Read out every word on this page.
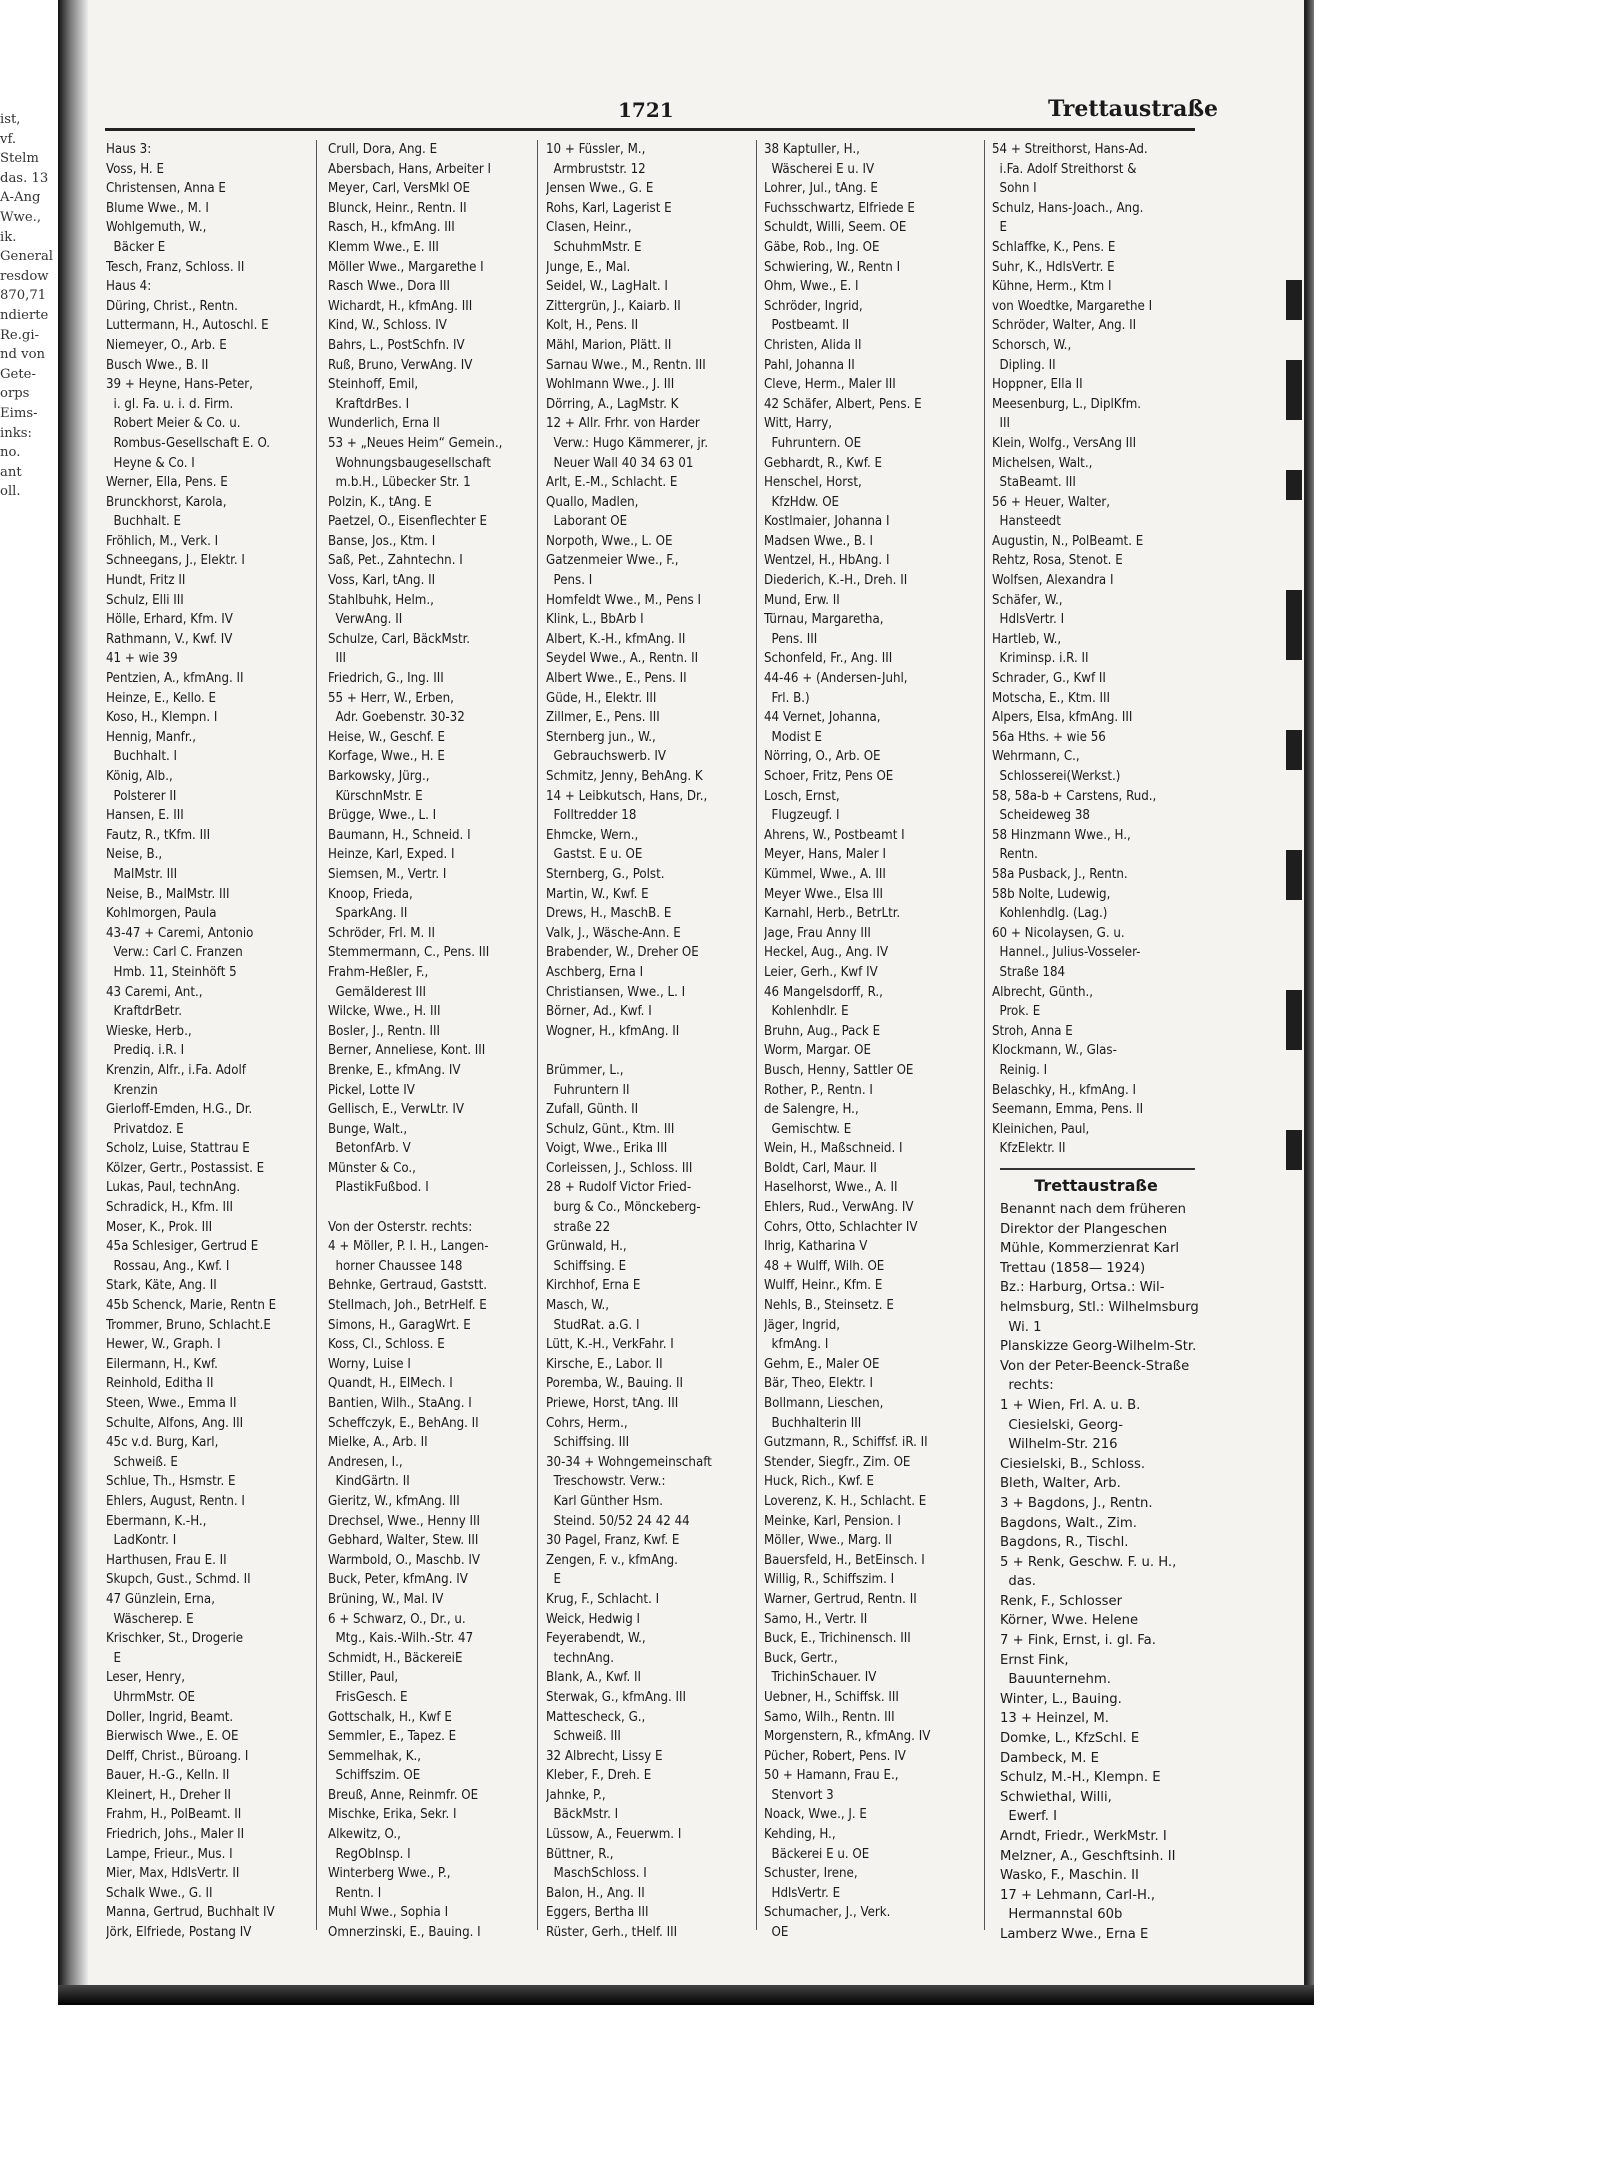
ist,
vf.
Stelm
das. 13
A-Ang
Wwe.,
ik.
General
resdow
870,71
ndierte
Re.gi-
nd von
Gete-
orps
Eims-
inks:
no.
ant
oll.
1721	Trettaustraße
Haus 3:
Voss, H. E
Christensen, Anna E
Blume Wwe., M. I
Wohlgemuth, W.,
Bäcker E
Tesch, Franz, Schloss. II
Haus 4:
Düring, Christ., Rentn.
Luttermann, H., Autoschl. E
Niemeyer, O., Arb. E
Busch Wwe., B. II
39 + Heyne, Hans-Peter,
i. gl. Fa. u. i. d. Firm.
Robert Meier & Co. u.
Rombus-Gesellschaft E. O.
Heyne & Co. I
Werner, Ella, Pens. E
Brunckhorst, Karola,
Buchhalt. E
Fröhlich, M., Verk. I
Schneegans, J., Elektr. I
Hundt, Fritz II
Schulz, Elli III
Hölle, Erhard, Kfm. IV
Rathmann, V., Kwf. IV
41 + wie 39
Pentzien, A., kfmAng. II
Heinze, E., Kello. E
Koso, H., Klempn. I
Hennig, Manfr.,
Buchhalt. I
König, Alb.,
Polsterer II
Hansen, E. III
Fautz, R., tKfm. III
Neise, B.,
MalMstr. III
Neise, B., MalMstr. III
Kohlmorgen, Paula
43-47 + Caremi, Antonio
Verw.: Carl C. Franzen
Hmb. 11, Steinhöft 5
43 Caremi, Ant.,
KraftdrBetr.
Wieske, Herb.,
Prediq. i.R. I
Krenzin, Alfr., i.Fa. Adolf
Krenzin
Gierloff-Emden, H.G., Dr.
Privatdoz. E
Scholz, Luise, Stattrau E
Kölzer, Gertr., Postassist. E
Lukas, Paul, technAng.
Schradick, H., Kfm. III
Moser, K., Prok. III
45a Schlesiger, Gertrud E
Rossau, Ang., Kwf. I
Stark, Käte, Ang. II
45b Schenck, Marie, Rentn E
Trommer, Bruno, Schlacht.E
Hewer, W., Graph. I
Eilermann, H., Kwf.
Reinhold, Editha II
Steen, Wwe., Emma II
Schulte, Alfons, Ang. III
45c v.d. Burg, Karl,
Schweiß. E
Schlue, Th., Hsmstr. E
Ehlers, August, Rentn. I
Ebermann, K.-H.,
LadKontr. I
Harthusen, Frau E. II
Skupch, Gust., Schmd. II
47 Günzlein, Erna,
Wäscherep. E
Krischker, St., Drogerie
E
Leser, Henry,
UhrmMstr. OE
Doller, Ingrid, Beamt.
Bierwisch Wwe., E. OE
Delff, Christ., Büroang. I
Bauer, H.-G., Kelln. II
Kleinert, H., Dreher II
Frahm, H., PolBeamt. II
Friedrich, Johs., Maler II
Lampe, Frieur., Mus. I
Mier, Max, HdlsVertr. II
Schalk Wwe., G. II
Manna, Gertrud, Buchhalt IV
Jörk, Elfriede, Postang IV
Crull, Dora, Ang. E
Abersbach, Hans, Arbeiter I
Meyer, Carl, VersMkl OE
Blunck, Heinr., Rentn. II
Rasch, H., kfmAng. III
Klemm Wwe., E. III
Möller Wwe., Margarethe I
Rasch Wwe., Dora III
Wichardt, H., kfmAng. III
Kind, W., Schloss. IV
Bahrs, L., PostSchfn. IV
Ruß, Bruno, VerwAng. IV
Steinhoff, Emil,
KraftdrBes. I
Wunderlich, Erna II
53 + „Neues Heim“ Gemein.,
Wohnungsbaugesellschaft
m.b.H., Lübecker Str. 1
Polzin, K., tAng. E
Paetzel, O., Eisenflechter E
Banse, Jos., Ktm. I
Saß, Pet., Zahntechn. I
Voss, Karl, tAng. II
Stahlbuhk, Helm.,
VerwAng. II
Schulze, Carl, BäckMstr.
III
Friedrich, G., Ing. III
55 + Herr, W., Erben,
Adr. Goebenstr. 30-32
Heise, W., Geschf. E
Korfage, Wwe., H. E
Barkowsky, Jürg.,
KürschnMstr. E
Brügge, Wwe., L. I
Baumann, H., Schneid. I
Heinze, Karl, Exped. I
Siemsen, M., Vertr. I
Knoop, Frieda,
SparkAng. II
Schröder, Frl. M. II
Stemmermann, C., Pens. III
Frahm-Heßler, F.,
Gemälderest III
Wilcke, Wwe., H. III
Bosler, J., Rentn. III
Berner, Anneliese, Kont. III
Brenke, E., kfmAng. IV
Pickel, Lotte IV
Gellisch, E., VerwLtr. IV
Bunge, Walt.,
BetonfArb. V
Münster & Co.,
PlastikFußbod. I
Von der Osterstr. rechts:
4 + Möller, P. I. H., Langen-
horner Chaussee 148
Behnke, Gertraud, Gaststt.
Stellmach, Joh., BetrHelf. E
Simons, H., GaragWrt. E
Koss, Cl., Schloss. E
Worny, Luise I
Quandt, H., ElMech. I
Bantien, Wilh., StaAng. I
Scheffczyk, E., BehAng. II
Mielke, A., Arb. II
Andresen, I.,
KindGärtn. II
Gieritz, W., kfmAng. III
Drechsel, Wwe., Henny III
Gebhard, Walter, Stew. III
Warmbold, O., Maschb. IV
Buck, Peter, kfmAng. IV
Brüning, W., Mal. IV
6 + Schwarz, O., Dr., u.
Mtg., Kais.-Wilh.-Str. 47
Schmidt, H., BäckereiE
Stiller, Paul,
FrisGesch. E
Gottschalk, H., Kwf E
Semmler, E., Tapez. E
Semmelhak, K.,
Schiffszim. OE
Breuß, Anne, Reinmfr. OE
Mischke, Erika, Sekr. I
Alkewitz, O.,
RegObInsp. I
Winterberg Wwe., P.,
Rentn. I
Muhl Wwe., Sophia I
Omnerzinski, E., Bauing. I
10 + Füssler, M.,
Armbruststr. 12
Jensen Wwe., G. E
Rohs, Karl, Lagerist E
Clasen, Heinr.,
SchuhmMstr. E
Junge, E., Mal.
Seidel, W., LagHalt. I
Zittergrün, J., Kaiarb. II
Kolt, H., Pens. II
Mähl, Marion, Plätt. II
Sarnau Wwe., M., Rentn. III
Wohlmann Wwe., J. III
Dörring, A., LagMstr. K
12 + Allr. Frhr. von Harder
Verw.: Hugo Kämmerer, jr.
Neuer Wall 40 34 63 01
Arlt, E.-M., Schlacht. E
Quallo, Madlen,
Laborant OE
Norpoth, Wwe., L. OE
Gatzenmeier Wwe., F.,
Pens. I
Homfeldt Wwe., M., Pens I
Klink, L., BbArb I
Albert, K.-H., kfmAng. II
Seydel Wwe., A., Rentn. II
Albert Wwe., E., Pens. II
Güde, H., Elektr. III
Zillmer, E., Pens. III
Sternberg jun., W.,
Gebrauchswerb. IV
Schmitz, Jenny, BehAng. K
14 + Leibkutsch, Hans, Dr.,
Folltredder 18
Ehmcke, Wern.,
Gastst. E u. OE
Sternberg, G., Polst.
Martin, W., Kwf. E
Drews, H., MaschB. E
Valk, J., Wäsche-Ann. E
Brabender, W., Dreher OE
Aschberg, Erna I
Christiansen, Wwe., L. I
Börner, Ad., Kwf. I
Wogner, H., kfmAng. II
Brümmer, L.,
Fuhruntern II
Zufall, Günth. II
Schulz, Günt., Ktm. III
Voigt, Wwe., Erika III
Corleissen, J., Schloss. III
28 + Rudolf Victor Fried-
burg & Co., Mönckeberg-
straße 22
Grünwald, H.,
Schiffsing. E
Kirchhof, Erna E
Masch, W.,
StudRat. a.G. I
Lütt, K.-H., VerkFahr. I
Kirsche, E., Labor. II
Poremba, W., Bauing. II
Priewe, Horst, tAng. III
Cohrs, Herm.,
Schiffsing. III
30-34 + Wohngemeinschaft
Treschowstr. Verw.:
Karl Günther Hsm.
Steind. 50/52 24 42 44
30 Pagel, Franz, Kwf. E
Zengen, F. v., kfmAng.
E
Krug, F., Schlacht. I
Weick, Hedwig I
Feyerabendt, W.,
technAng.
Blank, A., Kwf. II
Sterwak, G., kfmAng. III
Mattescheck, G.,
Schweiß. III
32 Albrecht, Lissy E
Kleber, F., Dreh. E
Jahnke, P.,
BäckMstr. I
Lüssow, A., Feuerwm. I
Büttner, R.,
MaschSchloss. I
Balon, H., Ang. II
Eggers, Bertha III
Rüster, Gerh., tHelf. III
38 Kaptuller, H.,
Wäscherei E u. IV
Lohrer, Jul., tAng. E
Fuchsschwartz, Elfriede E
Schuldt, Willi, Seem. OE
Gäbe, Rob., Ing. OE
Schwiering, W., Rentn I
Ohm, Wwe., E. I
Schröder, Ingrid,
Postbeamt. II
Christen, Alida II
Pahl, Johanna II
Cleve, Herm., Maler III
42 Schäfer, Albert, Pens. E
Witt, Harry,
Fuhruntern. OE
Gebhardt, R., Kwf. E
Henschel, Horst,
KfzHdw. OE
Kostlmaier, Johanna I
Madsen Wwe., B. I
Wentzel, H., HbAng. I
Diederich, K.-H., Dreh. II
Mund, Erw. II
Türnau, Margaretha,
Pens. III
Schonfeld, Fr., Ang. III
44-46 + (Andersen-Juhl,
Frl. B.)
44 Vernet, Johanna,
Modist E
Nörring, O., Arb. OE
Schoer, Fritz, Pens OE
Losch, Ernst,
Flugzeugf. I
Ahrens, W., Postbeamt I
Meyer, Hans, Maler I
Kümmel, Wwe., A. III
Meyer Wwe., Elsa III
Karnahl, Herb., BetrLtr.
Jage, Frau Anny III
Heckel, Aug., Ang. IV
Leier, Gerh., Kwf IV
46 Mangelsdorff, R.,
Kohlenhdlr. E
Bruhn, Aug., Pack E
Worm, Margar. OE
Busch, Henny, Sattler OE
Rother, P., Rentn. I
de Salengre, H.,
Gemischtw. E
Wein, H., Maßschneid. I
Boldt, Carl, Maur. II
Haselhorst, Wwe., A. II
Ehlers, Rud., VerwAng. IV
Cohrs, Otto, Schlachter IV
Ihrig, Katharina V
48 + Wulff, Wilh. OE
Wulff, Heinr., Kfm. E
Nehls, B., Steinsetz. E
Jäger, Ingrid,
kfmAng. I
Gehm, E., Maler OE
Bär, Theo, Elektr. I
Bollmann, Lieschen,
Buchhalterin III
Gutzmann, R., Schiffsf. iR. II
Stender, Siegfr., Zim. OE
Huck, Rich., Kwf. E
Loverenz, K. H., Schlacht. E
Meinke, Karl, Pension. I
Möller, Wwe., Marg. II
Bauersfeld, H., BetEinsch. I
Willig, R., Schiffszim. I
Warner, Gertrud, Rentn. II
Samo, H., Vertr. II
Buck, E., Trichinensch. III
Buck, Gertr.,
TrichinSchauer. IV
Uebner, H., Schiffsk. III
Samo, Wilh., Rentn. III
Morgenstern, R., kfmAng. IV
Pücher, Robert, Pens. IV
50 + Hamann, Frau E.,
Stenvort 3
Noack, Wwe., J. E
Kehding, H.,
Bäckerei E u. OE
Schuster, Irene,
HdlsVertr. E
Schumacher, J., Verk.
OE
54 + Streithorst, Hans-Ad.
i.Fa. Adolf Streithorst &
Sohn I
Schulz, Hans-Joach., Ang.
E
Schlaffke, K., Pens. E
Suhr, K., HdlsVertr. E
Kühne, Herm., Ktm I
von Woedtke, Margarethe I
Schröder, Walter, Ang. II
Schorsch, W.,
Dipling. II
Hoppner, Ella II
Meesenburg, L., DiplKfm.
III
Klein, Wolfg., VersAng III
Michelsen, Walt.,
StaBeamt. III
56 + Heuer, Walter,
Hansteedt
Augustin, N., PolBeamt. E
Rehtz, Rosa, Stenot. E
Wolfsen, Alexandra I
Schäfer, W.,
HdlsVertr. I
Hartleb, W.,
Kriminsp. i.R. II
Schrader, G., Kwf II
Motscha, E., Ktm. III
Alpers, Elsa, kfmAng. III
56a Hths. + wie 56
Wehrmann, C.,
Schlosserei(Werkst.)
58, 58a-b + Carstens, Rud.,
Scheideweg 38
58 Hinzmann Wwe., H.,
Rentn.
58a Pusback, J., Rentn.
58b Nolte, Ludewig,
Kohlenhdlg. (Lag.)
60 + Nicolaysen, G. u.
Hannel., Julius-Vosseler-
Straße 184
Albrecht, Günth.,
Prok. E
Stroh, Anna E
Klockmann, W., Glas-
Reinig. I
Belaschky, H., kfmAng. I
Seemann, Emma, Pens. II
Kleinichen, Paul,
KfzElektr. II
Trettaustraße
Benannt nach dem früheren
Direktor der Plangeschen
Mühle, Kommerzienrat Karl
Trettau (1858— 1924)
Bz.: Harburg, Ortsa.: Wil-
helmsburg, Stl.: Wilhelmsburg
Wi. 1
Planskizze Georg-Wilhelm-Str.
Von der Peter-Beenck-Straße
rechts:
1 + Wien, Frl. A. u. B.
Ciesielski, Georg-
Wilhelm-Str. 216
Ciesielski, B., Schloss.
Bleth, Walter, Arb.
3 + Bagdons, J., Rentn.
Bagdons, Walt., Zim.
Bagdons, R., Tischl.
5 + Renk, Geschw. F. u. H.,
das.
Renk, F., Schlosser
Körner, Wwe. Helene
7 + Fink, Ernst, i. gl. Fa.
Ernst Fink,
Bauunternehm.
Winter, L., Bauing.
13 + Heinzel, M.
Domke, L., KfzSchl. E
Dambeck, M. E
Schulz, M.-H., Klempn. E
Schwiethal, Willi,
Ewerf. I
Arndt, Friedr., WerkMstr. I
Melzner, A., Geschftsinh. II
Wasko, F., Maschin. II
17 + Lehmann, Carl-H.,
Hermannstal 60b
Lamberz Wwe., Erna E
